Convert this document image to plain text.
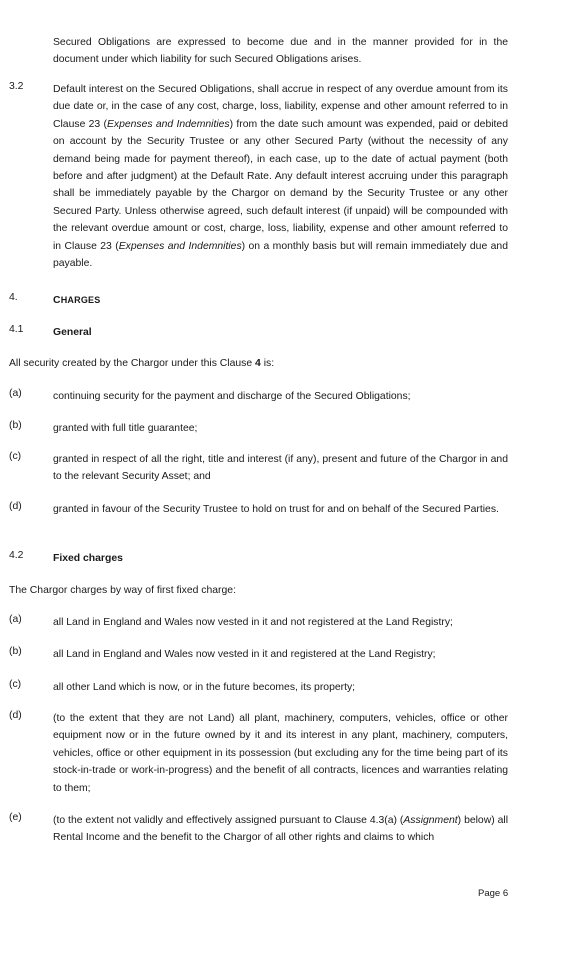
Secured Obligations are expressed to become due and in the manner provided for in the document under which liability for such Secured Obligations arises.
3.2	Default interest on the Secured Obligations, shall accrue in respect of any overdue amount from its due date or, in the case of any cost, charge, loss, liability, expense and other amount referred to in Clause 23 (Expenses and Indemnities) from the date such amount was expended, paid or debited on account by the Security Trustee or any other Secured Party (without the necessity of any demand being made for payment thereof), in each case, up to the date of actual payment (both before and after judgment) at the Default Rate. Any default interest accruing under this paragraph shall be immediately payable by the Chargor on demand by the Security Trustee or any other Secured Party. Unless otherwise agreed, such default interest (if unpaid) will be compounded with the relevant overdue amount or cost, charge, loss, liability, expense and other amount referred to in Clause 23 (Expenses and Indemnities) on a monthly basis but will remain immediately due and payable.
4.	CHARGES
4.1	General
All security created by the Chargor under this Clause 4 is:
(a)	continuing security for the payment and discharge of the Secured Obligations;
(b)	granted with full title guarantee;
(c)	granted in respect of all the right, title and interest (if any), present and future of the Chargor in and to the relevant Security Asset; and
(d)	granted in favour of the Security Trustee to hold on trust for and on behalf of the Secured Parties.
4.2	Fixed charges
The Chargor charges by way of first fixed charge:
(a)	all Land in England and Wales now vested in it and not registered at the Land Registry;
(b)	all Land in England and Wales now vested in it and registered at the Land Registry;
(c)	all other Land which is now, or in the future becomes, its property;
(d)	(to the extent that they are not Land) all plant, machinery, computers, vehicles, office or other equipment now or in the future owned by it and its interest in any plant, machinery, computers, vehicles, office or other equipment in its possession (but excluding any for the time being part of its stock-in-trade or work-in-progress) and the benefit of all contracts, licences and warranties relating to them;
(e)	(to the extent not validly and effectively assigned pursuant to Clause 4.3(a) (Assignment) below) all Rental Income and the benefit to the Chargor of all other rights and claims to which
Page 6
